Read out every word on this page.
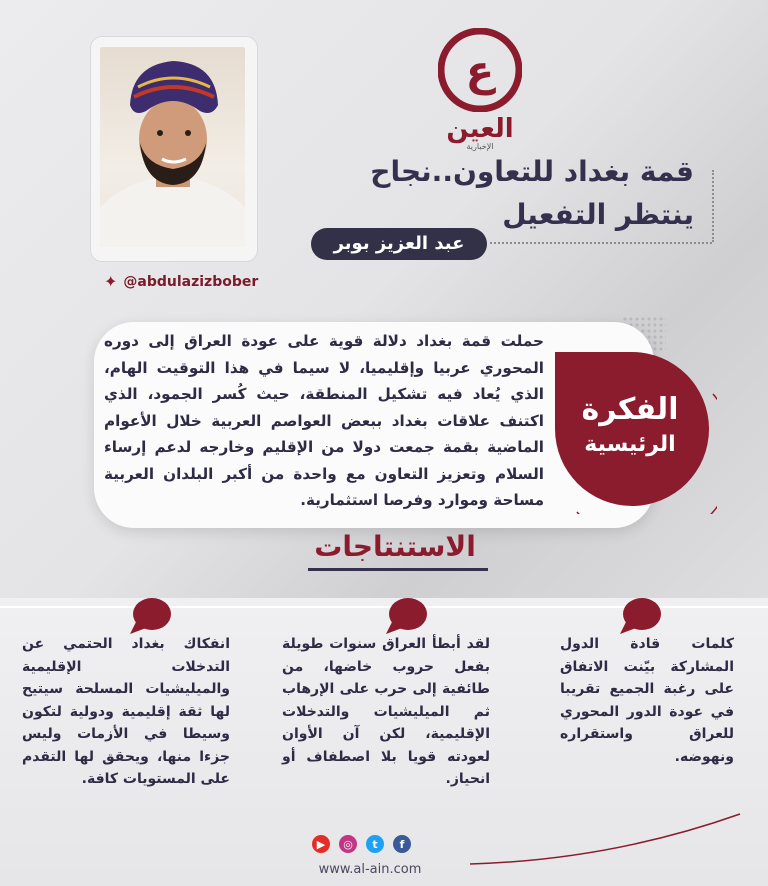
✦ @abdulazizbober
ع
العين
الإخبارية
قمة بغداد للتعاون..نجاح
ينتظر التفعيل
عبد العزيز بوبر
حملت قمة بغداد دلالة قوية على عودة العراق إلى دوره المحوري عربيا وإقليميا، لا سيما في هذا التوقيت الهام، الذي يُعاد فيه تشكيل المنطقة، حيث كُسر الجمود، الذي اكتنف علاقات بغداد ببعض العواصم العربية خلال الأعوام الماضية بقمة جمعت دولا من الإقليم وخارجه لدعم إرساء السلام وتعزيز التعاون مع واحدة من أكبر البلدان العربية مساحة وموارد وفرصا استثمارية.
الفكرة
الرئيسية
الاستنتاجات
كلمات قادة الدول المشاركة بيّنت الاتفاق على رغبة الجميع تقريبا في عودة الدور المحوري للعراق واستقراره ونهوضه.
لقد أبطأ العراق سنوات طويلة بفعل حروب خاضها، من طائفية إلى حرب على الإرهاب ثم الميليشيات والتدخلات الإقليمية، لكن آن الأوان لعودته قويا بلا اصطفاف أو انحياز.
انفكاك بغداد الحتمي عن التدخلات الإقليمية والميليشيات المسلحة سيتيح لها ثقة إقليمية ودولية لتكون وسيطا في الأزمات وليس جزءا منها، ويحقق لها التقدم على المستويات كافة.
▶	◎	t	f
www.al-ain.com
